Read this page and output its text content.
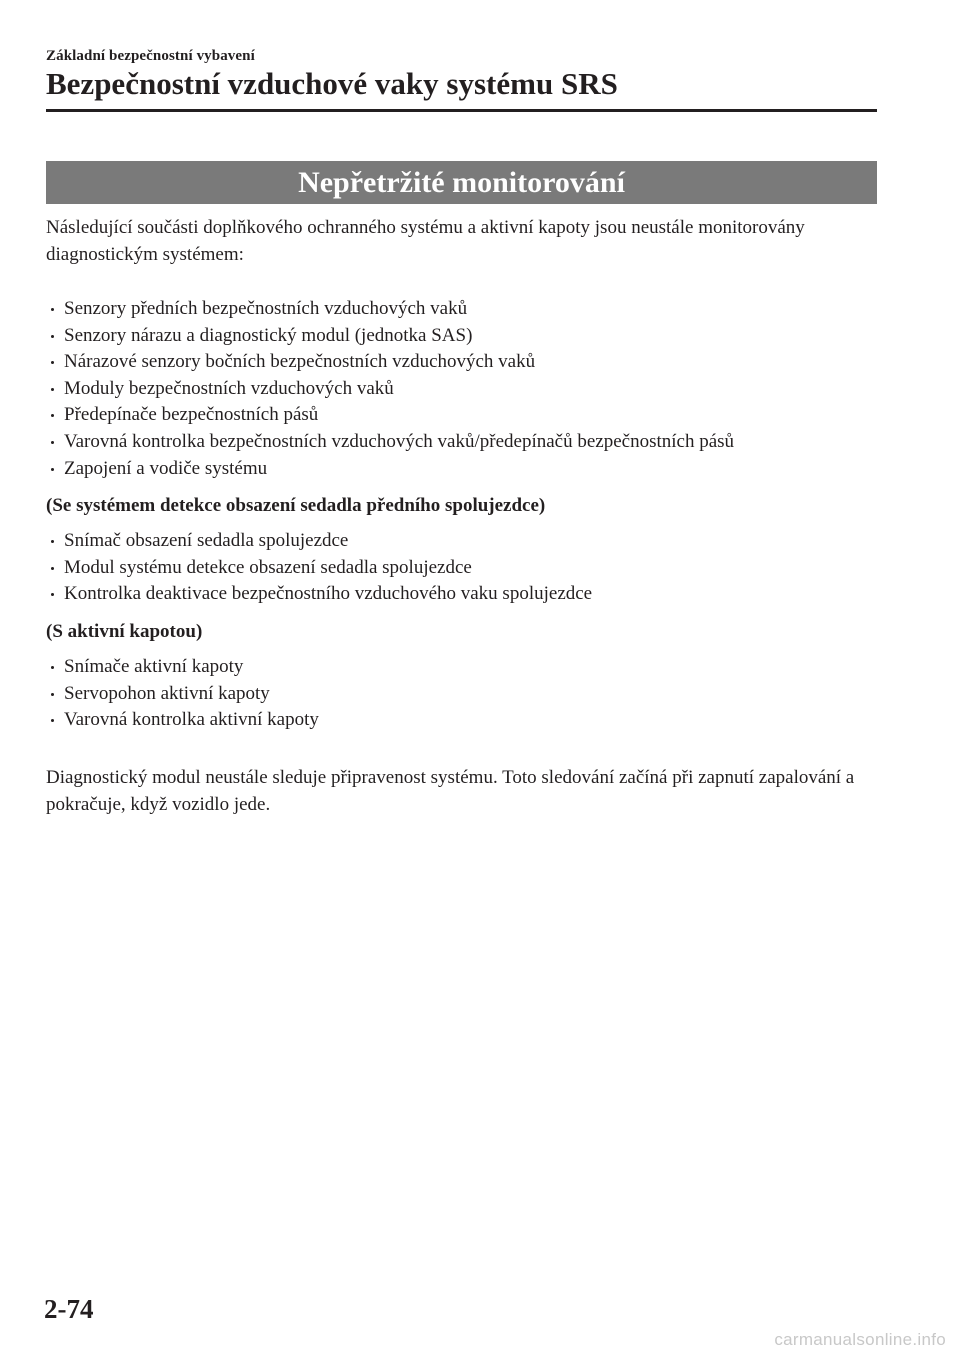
Základní bezpečnostní vybavení
Bezpečnostní vzduchové vaky systému SRS
Nepřetržité monitorování

Následující součásti doplňkového ochranného systému a aktivní kapoty jsou neustále monitorovány diagnostickým systémem:

Senzory předních bezpečnostních vzduchových vaků
Senzory nárazu a diagnostický modul (jednotka SAS)
Nárazové senzory bočních bezpečnostních vzduchových vaků
Moduly bezpečnostních vzduchových vaků
Předepínače bezpečnostních pásů
Varovná kontrolka bezpečnostních vzduchových vaků/předepínačů bezpečnostních pásů
Zapojení a vodiče systému

(Se systémem detekce obsazení sedadla předního spolujezdce)

Snímač obsazení sedadla spolujezdce
Modul systému detekce obsazení sedadla spolujezdce
Kontrolka deaktivace bezpečnostního vzduchového vaku spolujezdce

(S aktivní kapotou)

Snímače aktivní kapoty
Servopohon aktivní kapoty
Varovná kontrolka aktivní kapoty

Diagnostický modul neustále sleduje připravenost systému. Toto sledování začíná při zapnutí zapalování a pokračuje, když vozidlo jede.

2-74
carmanualsonline.info
